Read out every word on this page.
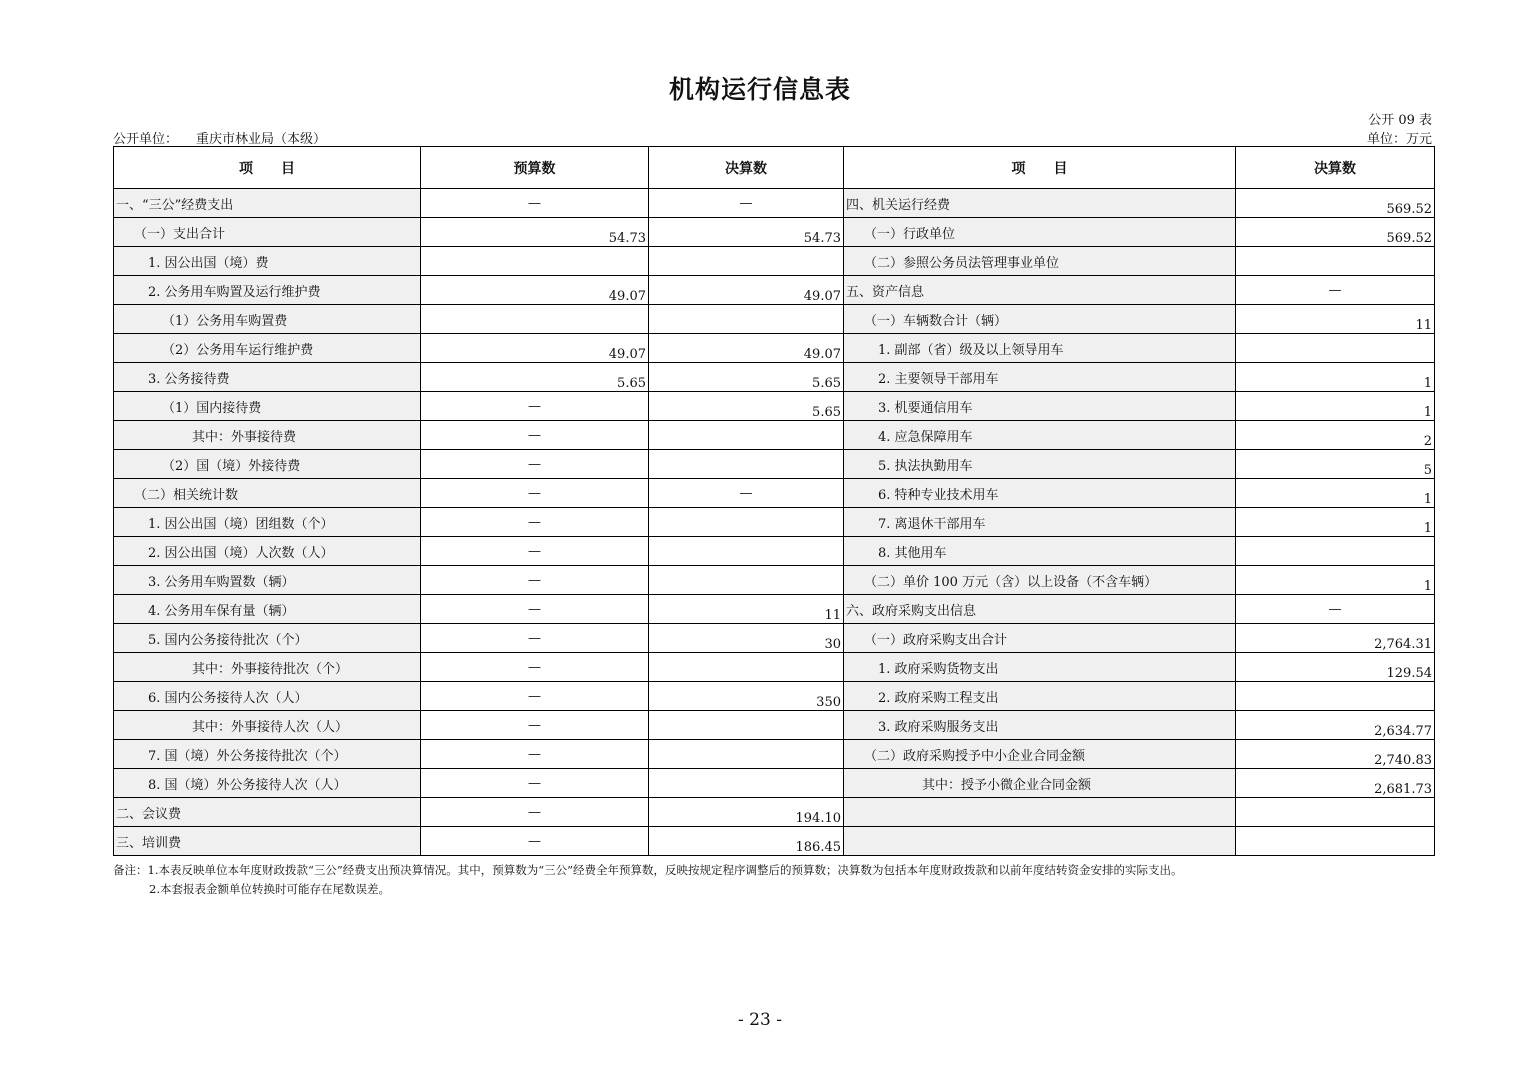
机构运行信息表
公开 09 表
公开单位： 重庆市林业局（本级）	单位：万元
项　　目	预算数	决算数	项　　目	决算数
一、“三公”经费支出	—	—	四、机关运行经费	569.52
（一）支出合计	54.73	54.73	（一）行政单位	569.52
1. 因公出国（境）费			（二）参照公务员法管理事业单位	
2. 公务用车购置及运行维护费	49.07	49.07	五、资产信息	—
（1）公务用车购置费			（一）车辆数合计（辆）	11
（2）公务用车运行维护费	49.07	49.07	1. 副部（省）级及以上领导用车	
3. 公务接待费	5.65	5.65	2. 主要领导干部用车	1
（1）国内接待费	—	5.65	3. 机要通信用车	1
其中：外事接待费	—		4. 应急保障用车	2
（2）国（境）外接待费	—		5. 执法执勤用车	5
（二）相关统计数	—	—	6. 特种专业技术用车	1
1. 因公出国（境）团组数（个）	—		7. 离退休干部用车	1
2. 因公出国（境）人次数（人）	—		8. 其他用车	
3. 公务用车购置数（辆）	—		（二）单价 100 万元（含）以上设备（不含车辆）	1
4. 公务用车保有量（辆）	—	11	六、政府采购支出信息	—
5. 国内公务接待批次（个）	—	30	（一）政府采购支出合计	2,764.31
其中：外事接待批次（个）	—		1. 政府采购货物支出	129.54
6. 国内公务接待人次（人）	—	350	2. 政府采购工程支出	
其中：外事接待人次（人）	—		3. 政府采购服务支出	2,634.77
7. 国（境）外公务接待批次（个）	—		（二）政府采购授予中小企业合同金额	2,740.83
8. 国（境）外公务接待人次（人）	—		其中：授予小微企业合同金额	2,681.73
二、会议费	—	194.10		
三、培训费	—	186.45		
备注：1.本表反映单位本年度财政拨款“三公”经费支出预决算情况。其中，预算数为“三公”经费全年预算数，反映按规定程序调整后的预算数；决算数为包括本年度财政拨款和以前年度结转资金安排的实际支出。
2.本套报表金额单位转换时可能存在尾数误差。
- 23 -
